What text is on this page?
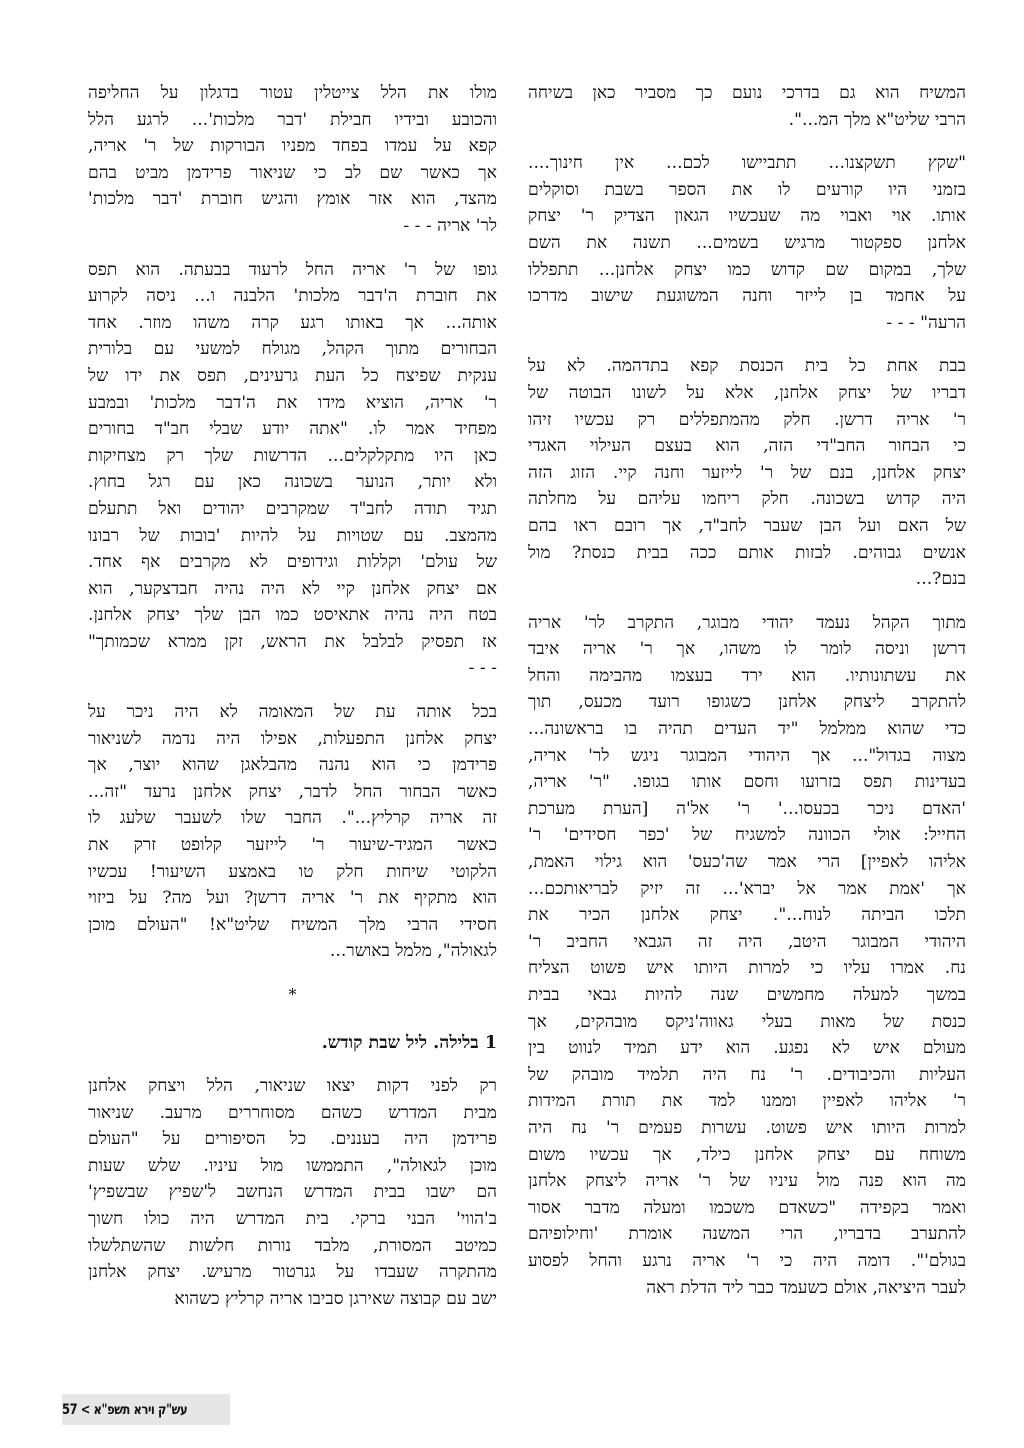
המשיח הוא גם בדרכי נועם כך מסביר כאן בשיחה
הרבי שליט"א מלך המ...".
"שקץ תשקצנו... תתביישו לכם... אין חינוך....
בזמני היו קורעים לו את הספר בשבת וסוקלים
אותו. אוי ואבוי מה שעכשיו הגאון הצדיק ר' יצחק
אלחנן ספקטור מרגיש בשמים... תשנה את השם
שלך, במקום שם קדוש כמו יצחק אלחנן... תתפללו
על אחמד בן לייזר וחנה המשוגעת שישוב מדרכו
הרעה" - - -
בבת אחת כל בית הכנסת קפא בתדהמה. לא על
דבריו של יצחק אלחנן, אלא על לשונו הבוטה של
ר' אריה דרשן. חלק מהמתפללים רק עכשיו זיהו
כי הבחור החב"די הזה, הוא בעצם העילוי האגדי
יצחק אלחנן, בנם של ר' לייזער וחנה קיי. הזוג הזה
היה קדוש בשכונה. חלק ריחמו עליהם על מחלתה
של האם ועל הבן שעבר לחב"ד, אך רובם ראו בהם
אנשים גבוהים. לבזות אותם ככה בבית כנסת? מול
בנם?...
מתוך הקהל נעמד יהודי מבוגר, התקרב לר' אריה
דרשן וניסה לומר לו משהו, אך ר' אריה איבד
את עשתונותיו. הוא ירד בעצמו מהבימה והחל
להתקרב ליצחק אלחנן כשגופו רועד מכעס, תוך
כדי שהוא ממלמל "יד העדים תהיה בו בראשונה...
מצוה בגדול"... אך היהודי המבוגר ניגש לר' אריה,
בעדינות תפס בזרועו וחסם אותו בגופו. "ר' אריה,
'האדם ניכר בכעסו...' ר' אל'ה [הערת מערכת
החייל: אולי הכוונה למשגיח של 'כפר חסידים' ר'
אליהו לאפיין] הרי אמר שה'כעס' הוא גילוי האמת,
אך 'אמת אמר אל יברא'... זה יזיק לבריאותכם...
תלכו הביתה לנוח...". יצחק אלחנן הכיר את
היהודי המבוגר היטב, היה זה הגבאי החביב ר'
נח. אמרו עליו כי למרות היותו איש פשוט הצליח
במשך למעלה מחמשים שנה להיות גבאי בבית
כנסת של מאות בעלי גאווה'ניקס מובהקים, אך
מעולם איש לא נפגע. הוא ידע תמיד לנווט בין
העליות והכיבודים. ר' נח היה תלמיד מובהק של
ר' אליהו לאפיין וממנו למד את תורת המידות
למרות היותו איש פשוט. עשרות פעמים ר' נח היה
משוחח עם יצחק אלחנן כילד, אך עכשיו משום
מה הוא פנה מול עיניו של ר' אריה ליצחק אלחנן
ואמר בקפידה "כשאדם משכמו ומעלה מדבר אסור
להתערב בדבריו, הרי המשנה אומרת 'וחילופיהם
בגולם'". דומה היה כי ר' אריה נרגע והחל לפסוע
לעבר היציאה, אולם כשעמד כבר ליד הדלת ראה
מולו את הלל צייטלין עטור בדגלון על החליפה
והכובע ובידיו חבילת 'דבר מלכות'... לרגע הלל
קפא על עמדו בפחד מפניו הבורקות של ר' אריה,
אך כאשר שם לב כי שניאור פרידמן מביט בהם
מהצד, הוא אזר אומץ והגיש חוברת 'דבר מלכות'
לר' אריה - - -
גופו של ר' אריה החל לרעוד בבעתה. הוא תפס
את חוברת ה'דבר מלכות' הלבנה ו... ניסה לקרוע
אותה... אך באותו רגע קרה משהו מוזר. אחד
הבחורים מתוך הקהל, מגולח למשעי עם בלורית
ענקית שפיצח כל העת גרעינים, תפס את ידו של
ר' אריה, הוציא מידו את ה'דבר מלכות' ובמבע
מפחיד אמר לו. "אתה יודע שבלי חב"ד בחורים
כאן היו מתקלקלים... הדרשות שלך רק מצחיקות
ולא יותר, הנוער בשכונה כאן עם רגל בחוץ.
תגיד תודה לחב"ד שמקרבים יהודים ואל תתעלם
מהמצב. עם שטויות על להיות 'בובות של רבונו
של עולם' וקללות וגידופים לא מקרבים אף אחד.
אם יצחק אלחנן קיי לא היה נהיה חבדצקער, הוא
בטח היה נהיה אתאיסט כמו הבן שלך יצחק אלחנן.
אז תפסיק לבלבל את הראש, זקן ממרא שכמותך"
- - -
בכל אותה עת של המאומה לא היה ניכר על
יצחק אלחנן התפעלות, אפילו היה נדמה לשניאור
פרידמן כי הוא נהנה מהבלאגן שהוא יוצר, אך
כאשר הבחור החל לדבר, יצחק אלחנן נרעד "זה...
זה אריה קרליץ...". החבר שלו לשעבר שלעג לו
כאשר המגיד-שיעור ר' לייזער קלופט זרק את
הלקוטי שיחות חלק טו באמצע השיעור! עכשיו
הוא מתקיף את ר' אריה דרשן? ועל מה? על ביזוי
חסידי הרבי מלך המשיח שליט"א! "העולם מוכן
לגאולה", מלמל באושר...
*
1 בלילה. ליל שבת קודש.
רק לפני דקות יצאו שניאור, הלל ויצחק אלחנן
מבית המדרש כשהם מסוחררים מרעב. שניאור
פרידמן היה בעננים. כל הסיפורים על "העולם
מוכן לגאולה", התממשו מול עיניו. שלש שעות
הם ישבו בבית המדרש הנחשב ל'שפיץ שבשפיץ'
ב'הווי' הבני ברקי. בית המדרש היה כולו חשוך
כמיטב המסורת, מלבד נורות חלשות שהשתלשלו
מהתקרה שעבדו על גנרטור מרעיש. יצחק אלחנן
ישב עם קבוצה שאירגן סביבו אריה קרליץ כשהוא
עש"ק וירא תשפ"א > 57
